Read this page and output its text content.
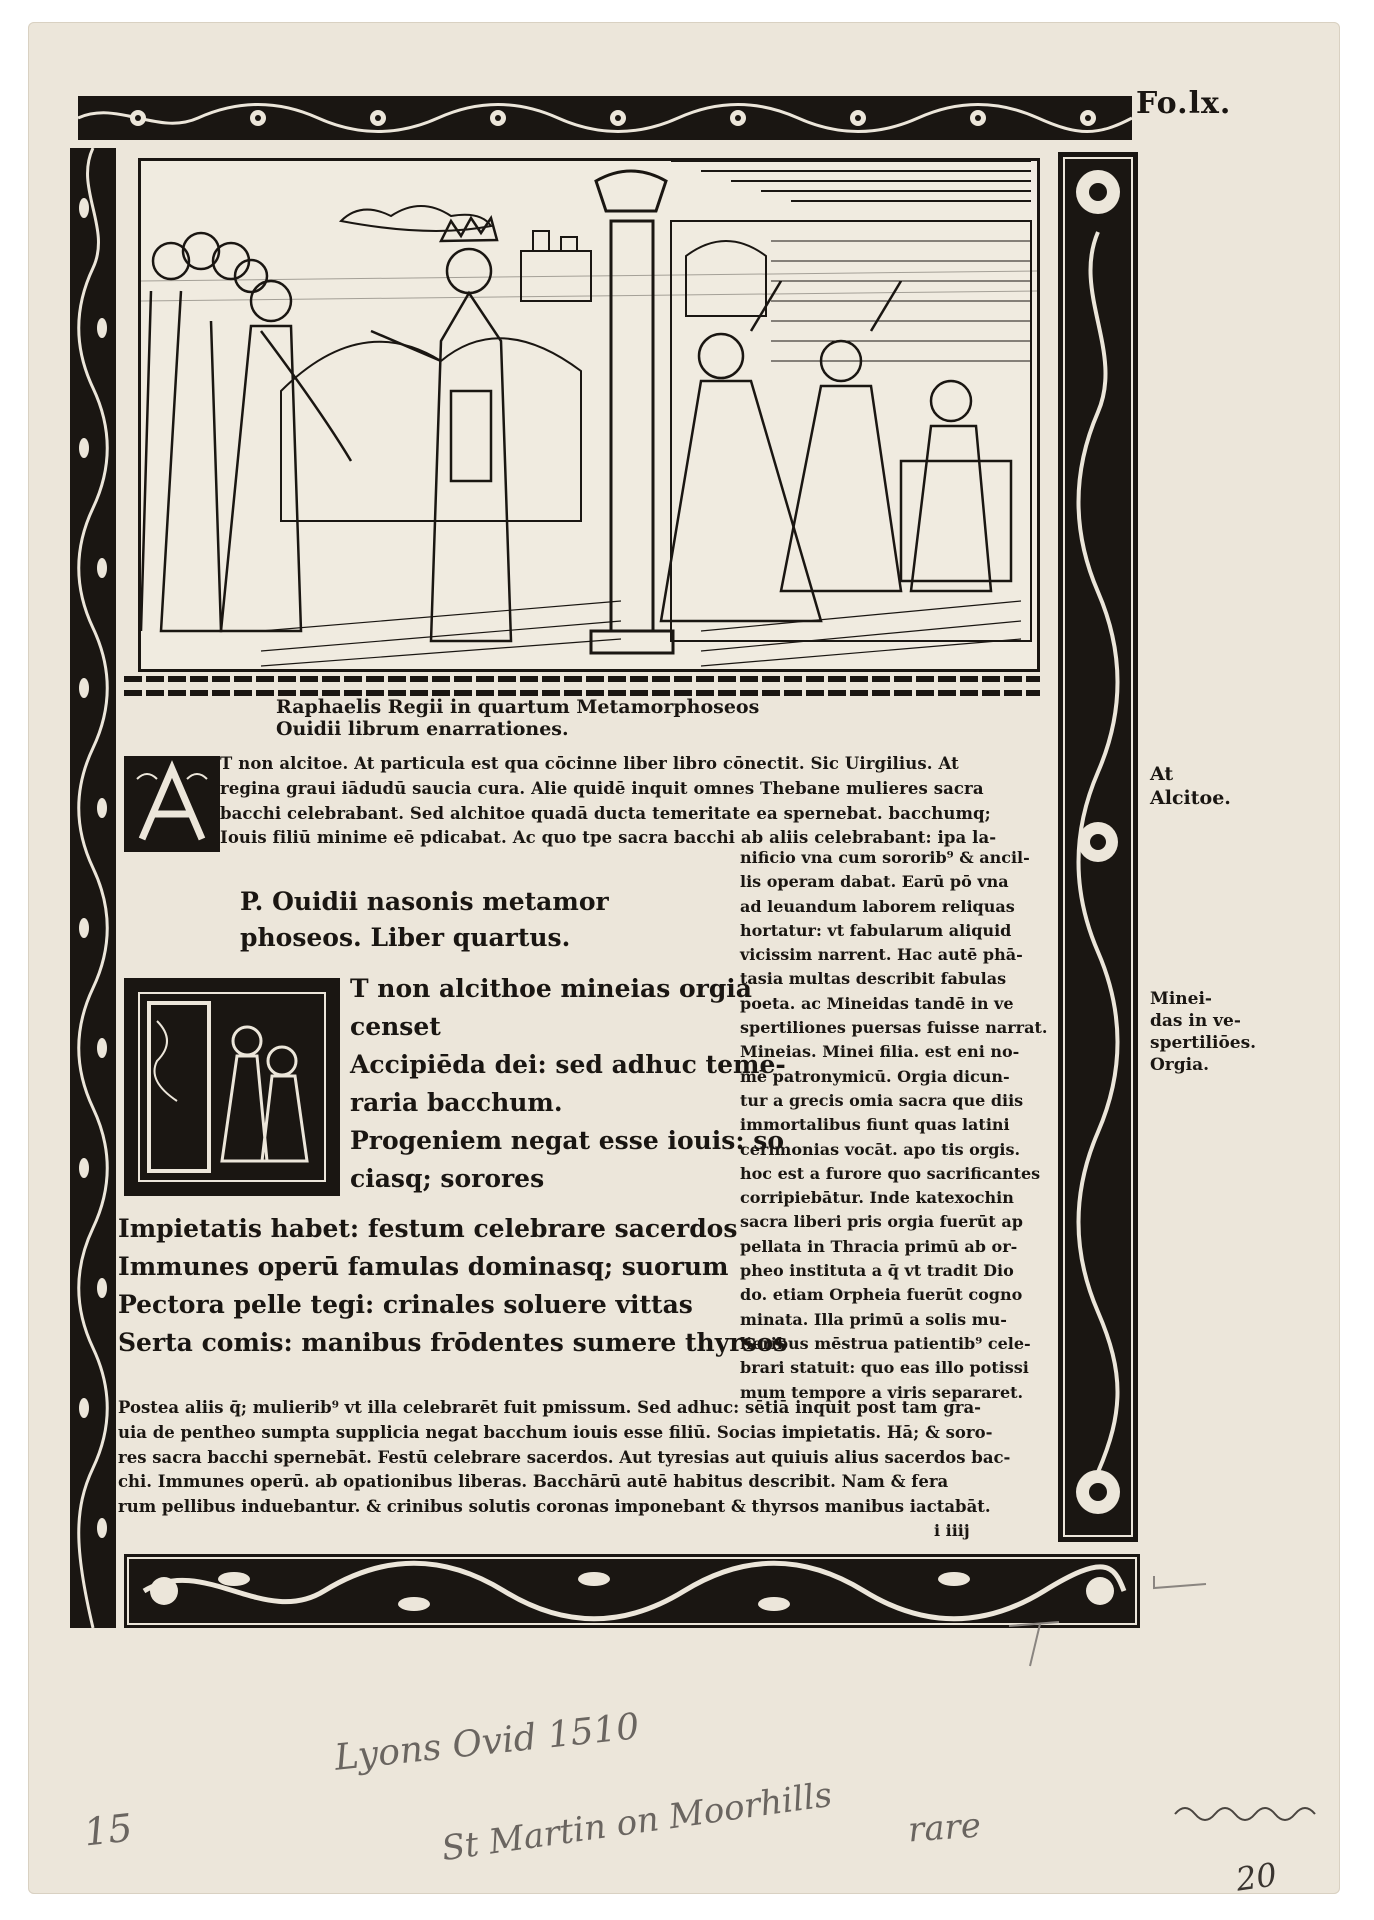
Fo.lx.
Raphaelis Regii in quartum Metamorphoseos
Ouidii librum enarrationes.
T non alcitoe. At particula est qua cōcinne liber libro cōnectit. Sic Uirgilius. At
regina graui iādudū saucia cura. Alie quidē inquit omnes Thebane mulieres sacra
bacchi celebrabant. Sed alchitoe quadā ducta temeritate ea spernebat. bacchumq;
Iouis filiū minime eē pdicabat. Ac quo tpe sacra bacchi ab aliis celebrabant: ipa la-
P. Ouidii nasonis metamor
phoseos. Liber quartus.
T non alcithoe mineias orgia
censet
Accipiēda dei: sed adhuc teme-
raria bacchum.
Progeniem negat esse iouis: so
ciasq; sorores
Impietatis habet: festum celebrare sacerdos
Immunes operū famulas dominasq; suorum
Pectora pelle tegi: crinales soluere vittas
Serta comis: manibus frōdentes sumere thyrsos
nificio vna cum sororib⁹ & ancil-
lis operam dabat. Earū pō vna
ad leuandum laborem reliquas
hortatur: vt fabularum aliquid
vicissim narrent. Hac autē phā-
tasia multas describit fabulas
poeta. ac Mineidas tandē in ve
spertiliones puersas fuisse narrat.
Mineias. Minei filia. est eni no-
mē patronymicū. Orgia dicun-
tur a grecis omia sacra que diis
immortalibus fiunt quas latini
cerimonias vocāt. apo tis orgis.
hoc est a furore quo sacrificantes
corripiebātur. Inde katexochin
sacra liberi pris orgia fuerūt ap
pellata in Thracia primū ab or-
pheo instituta a q̄ vt tradit Dio
do. etiam Orpheia fuerūt cogno
minata. Illa primū a solis mu-
lieribus mēstrua patientib⁹ cele-
brari statuit: quo eas illo potissi
mum tempore a viris separaret.
Postea aliis q̄; mulierib⁹ vt illa celebrarēt fuit pmissum. Sed adhuc: sētiā inquit post tam gra-
uia de pentheo sumpta supplicia negat bacchum iouis esse filiū. Socias impietatis. Hā; & soro-
res sacra bacchi spernebāt. Festū celebrare sacerdos. Aut tyresias aut quiuis alius sacerdos bac-
chi. Immunes operū. ab opationibus liberas. Bacchārū autē habitus describit. Nam & fera
rum pellibus induebantur. & crinibus solutis coronas imponebant & thyrsos manibus iactabāt.
i iiij
At
Alcitoe.
Minei-
das in ve-
spertiliōes.
Orgia.
15
Lyons Ovid 1510
St Martin on Moorhills rare
20
